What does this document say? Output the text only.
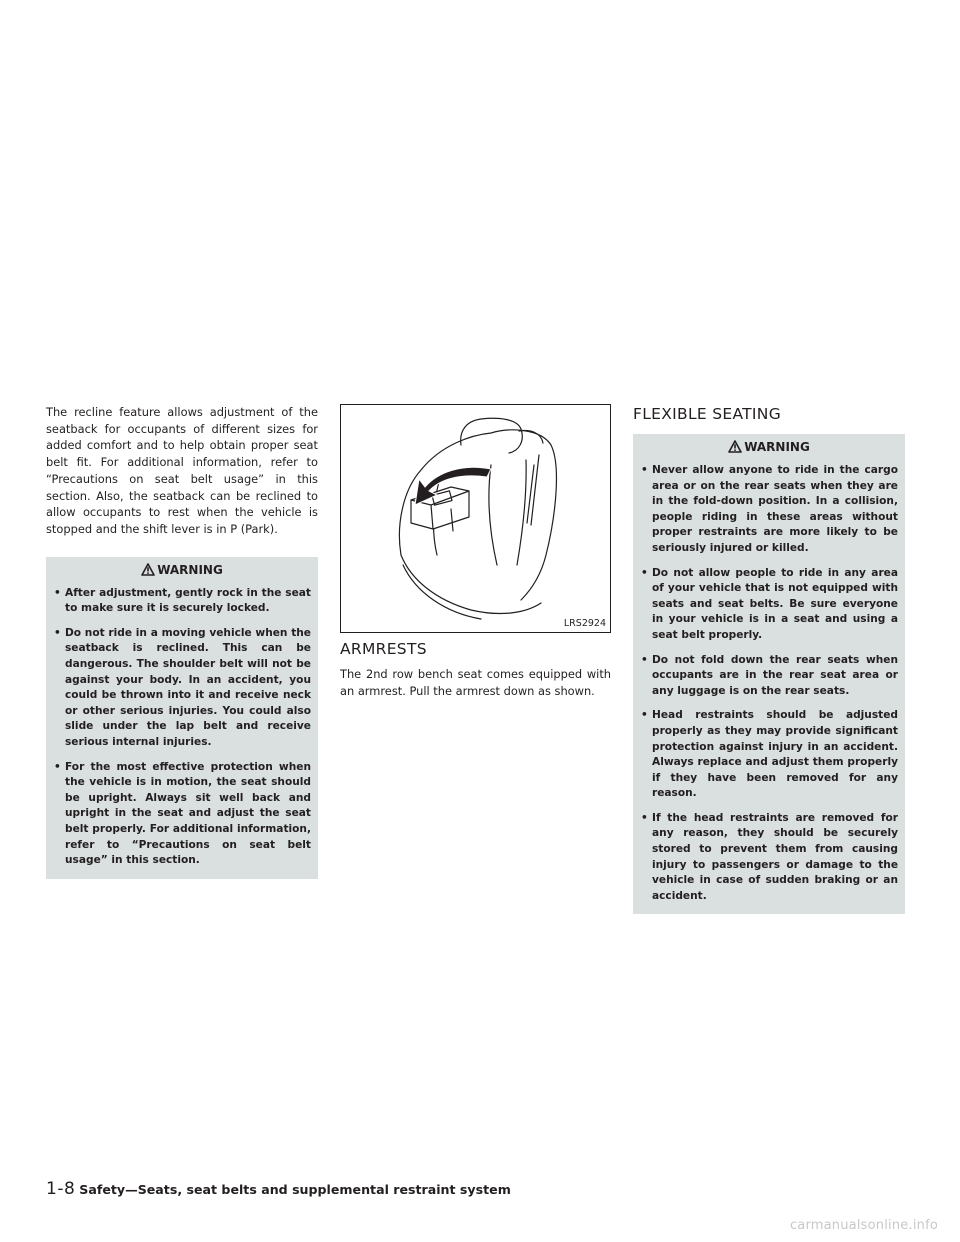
The recline feature allows adjustment of the seatback for occupants of different sizes for added comfort and to help obtain proper seat belt fit. For additional information, refer to “Precautions on seat belt usage” in this section. Also, the seatback can be reclined to allow occupants to rest when the vehicle is stopped and the shift lever is in P (Park).

WARNING
• After adjustment, gently rock in the seat to make sure it is securely locked.
• Do not ride in a moving vehicle when the seatback is reclined. This can be dangerous. The shoulder belt will not be against your body. In an accident, you could be thrown into it and receive neck or other serious injuries. You could also slide under the lap belt and receive serious internal injuries.
• For the most effective protection when the vehicle is in motion, the seat should be upright. Always sit well back and upright in the seat and adjust the seat belt properly. For additional information, refer to “Precautions on seat belt usage” in this section.
LRS2924
ARMRESTS

The 2nd row bench seat comes equipped with an armrest. Pull the armrest down as shown.

FLEXIBLE SEATING
WARNING
• Never allow anyone to ride in the cargo area or on the rear seats when they are in the fold-down position. In a collision, people riding in these areas without proper restraints are more likely to be seriously injured or killed.
• Do not allow people to ride in any area of your vehicle that is not equipped with seats and seat belts. Be sure everyone in your vehicle is in a seat and using a seat belt properly.
• Do not fold down the rear seats when occupants are in the rear seat area or any luggage is on the rear seats.
• Head restraints should be adjusted properly as they may provide significant protection against injury in an accident. Always replace and adjust them properly if they have been removed for any reason.
• If the head restraints are removed for any reason, they should be securely stored to prevent them from causing injury to passengers or damage to the vehicle in case of sudden braking or an accident.
1-8 Safety—Seats, seat belts and supplemental restraint system
carmanualsonline.info
